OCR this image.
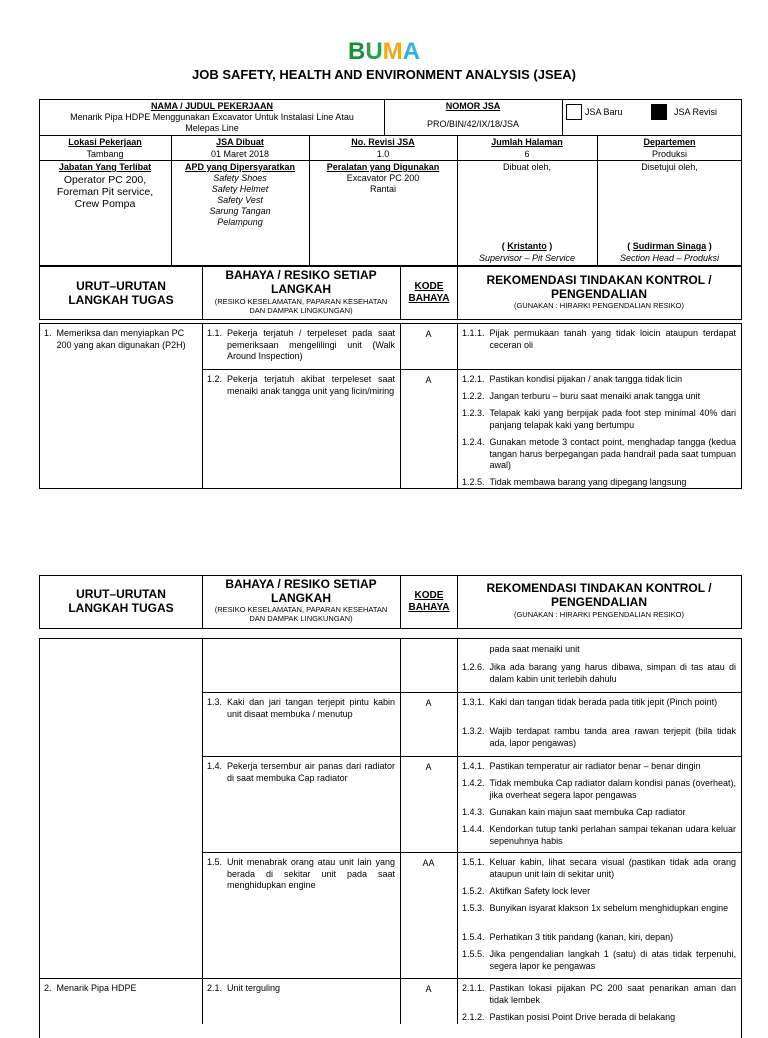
BUMA
JOB SAFETY, HEALTH AND ENVIRONMENT ANALYSIS (JSEA)
NAMA / JUDUL PEKERJAAN
Menarik Pipa HDPE Menggunakan Excavator Untuk Instalasi Line Atau Melepas Line
NOMOR JSA
PRO/BIN/42/IX/18/JSA
JSA Baru	JSA Revisi
Lokasi Pekerjaan
Tambang
JSA Dibuat
01 Maret 2018
No. Revisi JSA
1.0
Jumlah Halaman
6
Departemen
Produksi
Jabatan Yang Terlibat
Operator PC 200, Foreman Pit service, Crew Pompa
APD yang Dipersyaratkan
Safety Shoes
Safety Helmet
Safety Vest
Sarung Tangan
Pelampung
Peralatan yang Digunakan
Excavator PC 200 Rantai
Dibuat oleh,	Disetujui oleh,
( Kristanto )
Supervisor – Pit Service
( Sudirman Sinaga )
Section Head – Produksi
URUT–URUTAN LANGKAH TUGAS
BAHAYA / RESIKO SETIAP LANGKAH
(RESIKO KESELAMATAN, PAPARAN KESEHATAN DAN DAMPAK LINGKUNGAN)
KODE BAHAYA
REKOMENDASI TINDAKAN KONTROL / PENGENDALIAN
(GUNAKAN : HIRARKI PENGENDALIAN RESIKO)
1. Memeriksa dan menyiapkan PC 200 yang akan digunakan (P2H)
1.1. Pekerja terjatuh / terpeleset pada saat pemeriksaan mengelilingi unit (Walk Around Inspection)
A	1.1.1. Pijak permukaan tanah yang tidak loicin ataupun terdapat ceceran oli
1.2. Pekerja terjatuh akibat terpeleset saat menaiki anak tangga unit yang licin/miring
A	1.2.1. Pastikan kondisi pijakan / anak tangga tidak licin
1.2.2. Jangan terburu – buru saat menaiki anak tangga unit
1.2.3. Telapak kaki yang berpijak pada foot step minimal 40% dari panjang telapak kaki yang bertumpu
1.2.4. Gunakan metode 3 contact point, menghadap tangga (kedua tangan harus berpegangan pada handrail pada saat tumpuan awal)
1.2.5. Tidak membawa barang yang dipegang langsung
URUT–URUTAN LANGKAH TUGAS
BAHAYA / RESIKO SETIAP LANGKAH
(RESIKO KESELAMATAN, PAPARAN KESEHATAN DAN DAMPAK LINGKUNGAN)
KODE BAHAYA
REKOMENDASI TINDAKAN KONTROL / PENGENDALIAN
(GUNAKAN : HIRARKI PENGENDALIAN RESIKO)
pada saat menaiki unit
1.2.6. Jika ada barang yang harus dibawa, simpan di tas atau di dalam kabin unit terlebih dahulu
1.3. Kaki dan jari tangan terjepit pintu kabin unit disaat membuka / menutup
A	1.3.1. Kaki dan tangan tidak berada pada titik jepit (Pinch point)
1.3.2. Wajib terdapat rambu tanda area rawan terjepit (bila tidak ada, lapor pengawas)
1.4. Pekerja tersembur air panas dari radiator di saat membuka Cap radiator
A	1.4.1. Pastikan temperatur air radiator benar – benar dingin
1.4.2. Tidak membuka Cap radiator dalam kondisi panas (overheat), jika overheat segera lapor pengawas
1.4.3. Gunakan kain majun saat membuka Cap radiator
1.4.4. Kendorkan tutup tanki perlahan sampai tekanan udara keluar sepenuhnya habis
1.5. Unit menabrak orang atau unit lain yang berada di sekitar unit pada saat menghidupkan engine
AA	1.5.1. Keluar kabin, lihat secara visual (pastikan tidak ada orang ataupun unit lain di sekitar unit)
1.5.2. Aktifkan Safety lock lever
1.5.3. Bunyikan isyarat klakson 1x sebelum menghidupkan engine
1.5.4. Perhatikan 3 titik pandang (kanan, kiri, depan)
1.5.5. Jika pengendalian langkah 1 (satu) di atas tidak terpenuhi, segera lapor ke pengawas
2. Menarik Pipa HDPE	2.1. Unit terguling	A	2.1.1. Pastikan lokasi pijakan PC 200 saat penarikan aman dan tidak lembek
2.1.2. Pastikan posisi Point Drive berada di belakang
